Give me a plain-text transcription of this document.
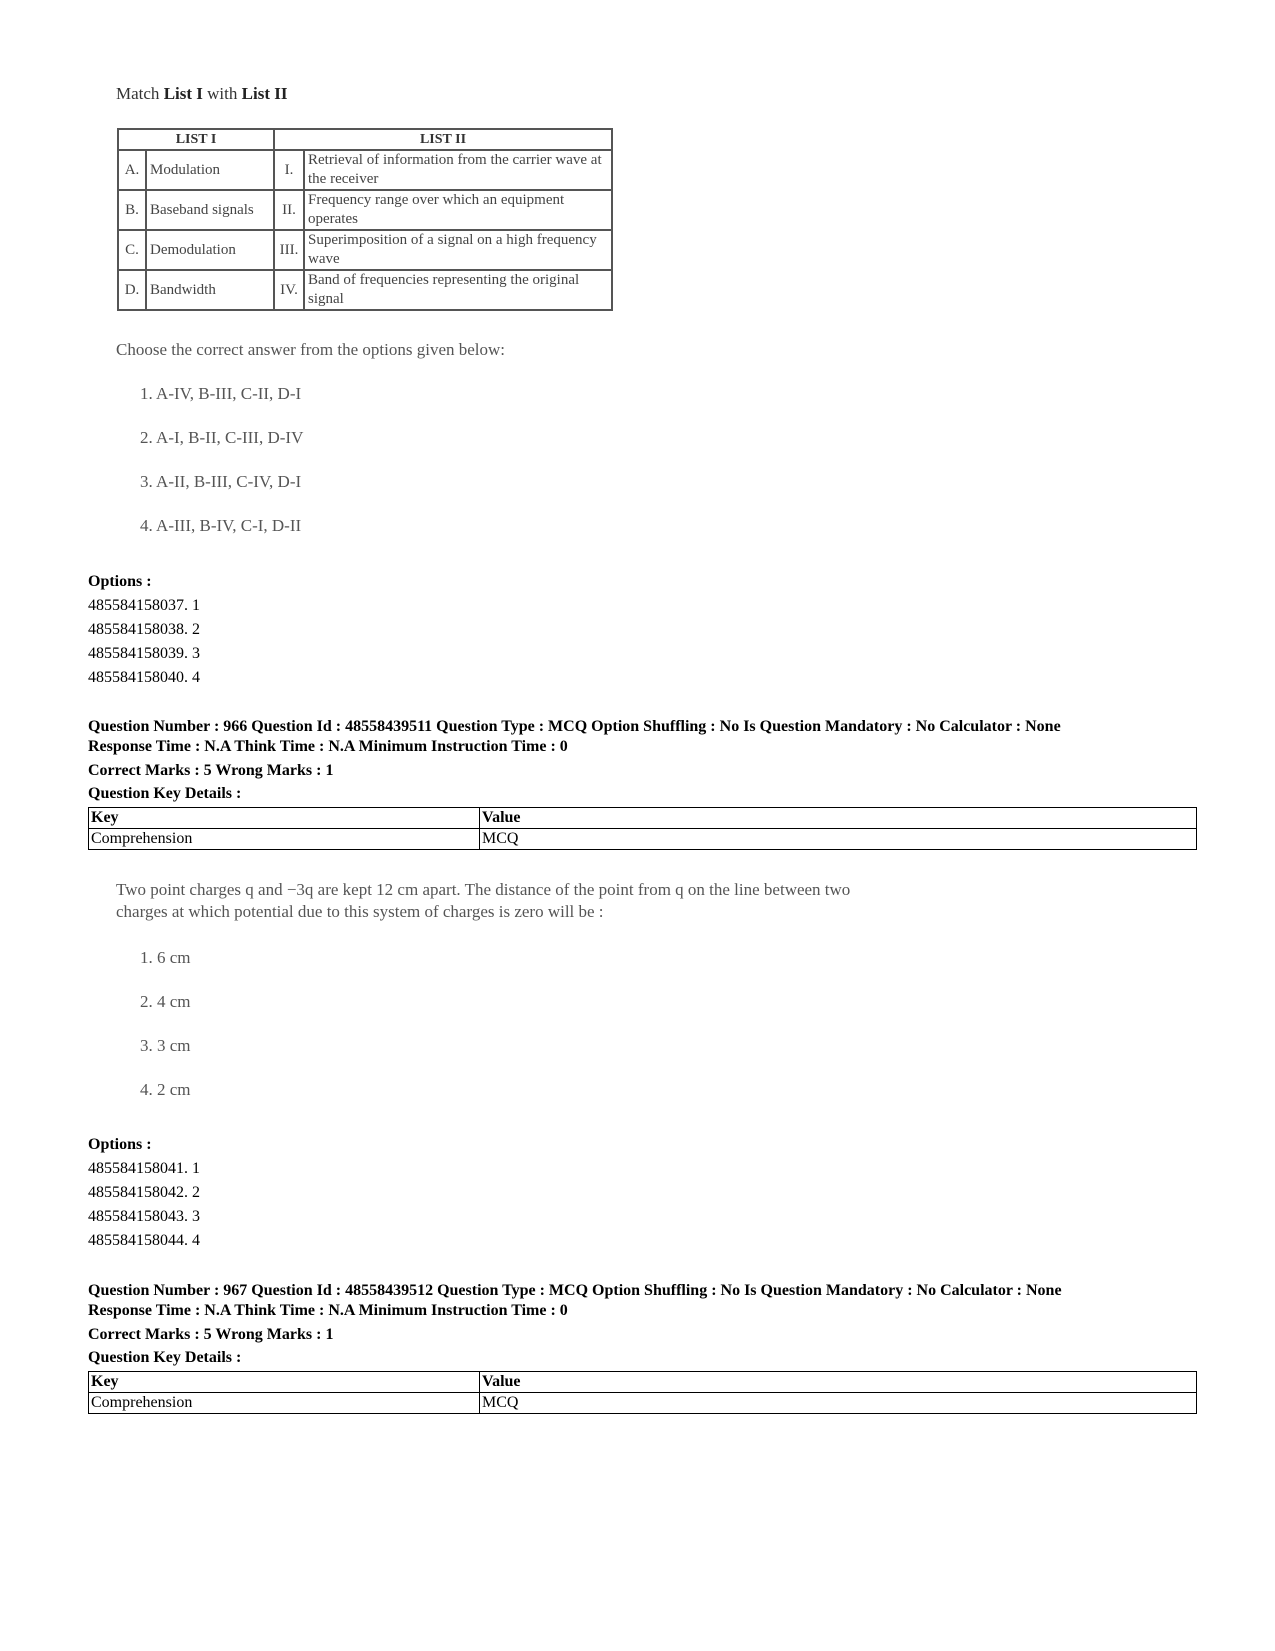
Match List I with List II
LIST I		LIST II	
A.	Modulation	I.	Retrieval of information from the carrier wave at the receiver
B.	Baseband signals	II.	Frequency range over which an equipment operates
C.	Demodulation	III.	Superimposition of a signal on a high frequency wave
D.	Bandwidth	IV.	Band of frequencies representing the original signal
Choose the correct answer from the options given below:
1. A-IV, B-III, C-II, D-I
2. A-I, B-II, C-III, D-IV
3. A-II, B-III, C-IV, D-I
4. A-III, B-IV, C-I, D-II
Options :
485584158037. 1
485584158038. 2
485584158039. 3
485584158040. 4
Question Number : 966 Question Id : 48558439511 Question Type : MCQ Option Shuffling : No Is Question Mandatory : No Calculator : None
Response Time : N.A Think Time : N.A Minimum Instruction Time : 0
Correct Marks : 5 Wrong Marks : 1
Question Key Details :
Key	Value
Comprehension	MCQ
Two point charges q and −3q are kept 12 cm apart. The distance of the point from q on the line between two
charges at which potential due to this system of charges is zero will be :
1. 6 cm
2. 4 cm
3. 3 cm
4. 2 cm
Options :
485584158041. 1
485584158042. 2
485584158043. 3
485584158044. 4
Question Number : 967 Question Id : 48558439512 Question Type : MCQ Option Shuffling : No Is Question Mandatory : No Calculator : None
Response Time : N.A Think Time : N.A Minimum Instruction Time : 0
Correct Marks : 5 Wrong Marks : 1
Question Key Details :
Key	Value
Comprehension	MCQ
